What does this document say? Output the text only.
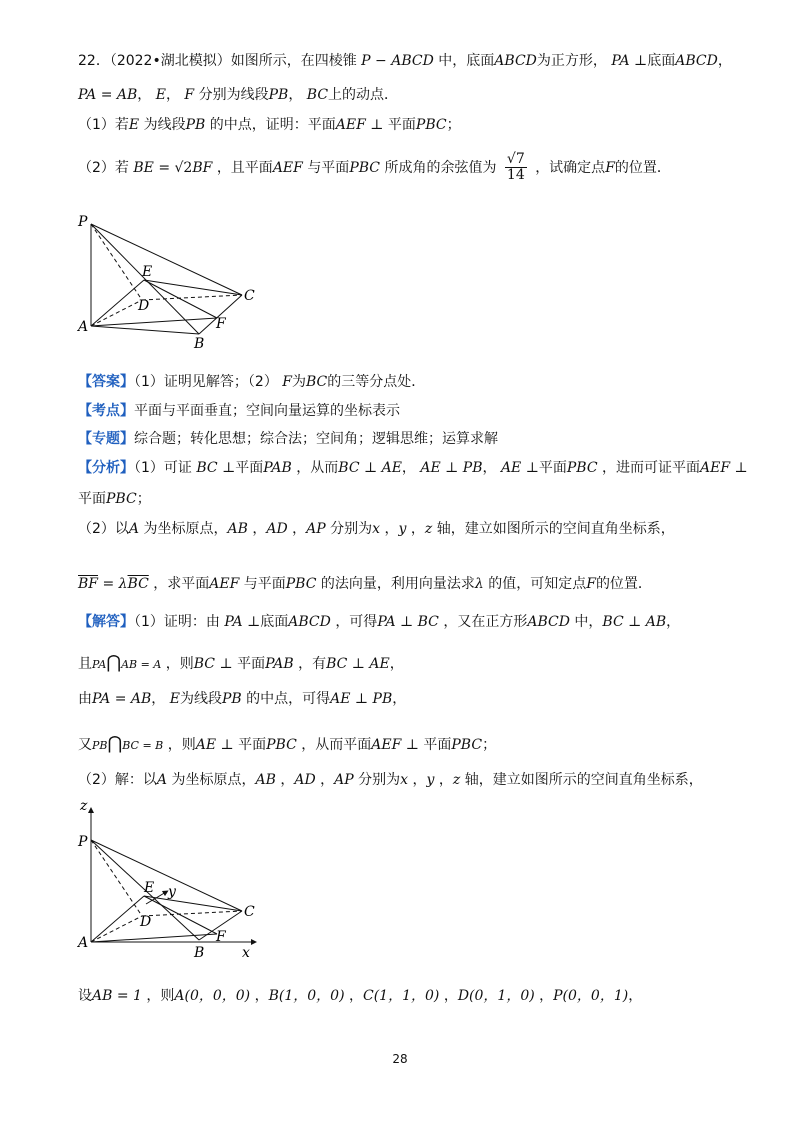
22．（2022•湖北模拟）如图所示，在四棱锥 P − ABCD 中，底面ABCD为正方形， PA ⊥底面ABCD，
PA = AB， E， F 分别为线段PB， BC上的动点．
（1）若E 为线段PB 的中点，证明：平面AEF ⊥ 平面PBC；
（2）若 BE = √2BF ，且平面AEF 与平面PBC 所成角的余弦值为 $\frac{√7}{14}$ ，试确定点F的位置．
P
E
D
C
A
B
F
【答案】（1）证明见解答；（2） F为BC的三等分点处．
【考点】平面与平面垂直；空间向量运算的坐标表示
【专题】综合题；转化思想；综合法；空间角；逻辑思维；运算求解
【分析】（1）可证 BC ⊥平面PAB ，从而BC ⊥ AE， AE ⊥ PB， AE ⊥平面PBC ，进而可证平面AEF ⊥
平面PBC；
（2）以A 为坐标原点，AB ，AD ，AP 分别为x ，y ，z 轴，建立如图所示的空间直角坐标系，
$\overline{BF} = \lambda\overline{BC}$ ，求平面AEF 与平面PBC 的法向量，利用向量法求λ 的值，可知定点F的位置．
【解答】（1）证明：由 PA ⊥底面ABCD ，可得PA ⊥ BC ，又在正方形ABCD 中，BC ⊥ AB，
且PA⋂AB = A ，则BC ⊥ 平面PAB ，有BC ⊥ AE，
由PA = AB， E为线段PB 的中点，可得AE ⊥ PB，
又PB⋂BC = B ，则AE ⊥ 平面PBC ，从而平面AEF ⊥ 平面PBC；
（2）解：以A 为坐标原点，AB ，AD ，AP 分别为x ，y ，z 轴，建立如图所示的空间直角坐标系，
z
P
E y
D
C
A
B
F
x
设AB = 1 ，则A(0，0，0) ，B(1，0，0) ，C(1，1，0) ，D(0，1，0) ，P(0，0，1)，
28
